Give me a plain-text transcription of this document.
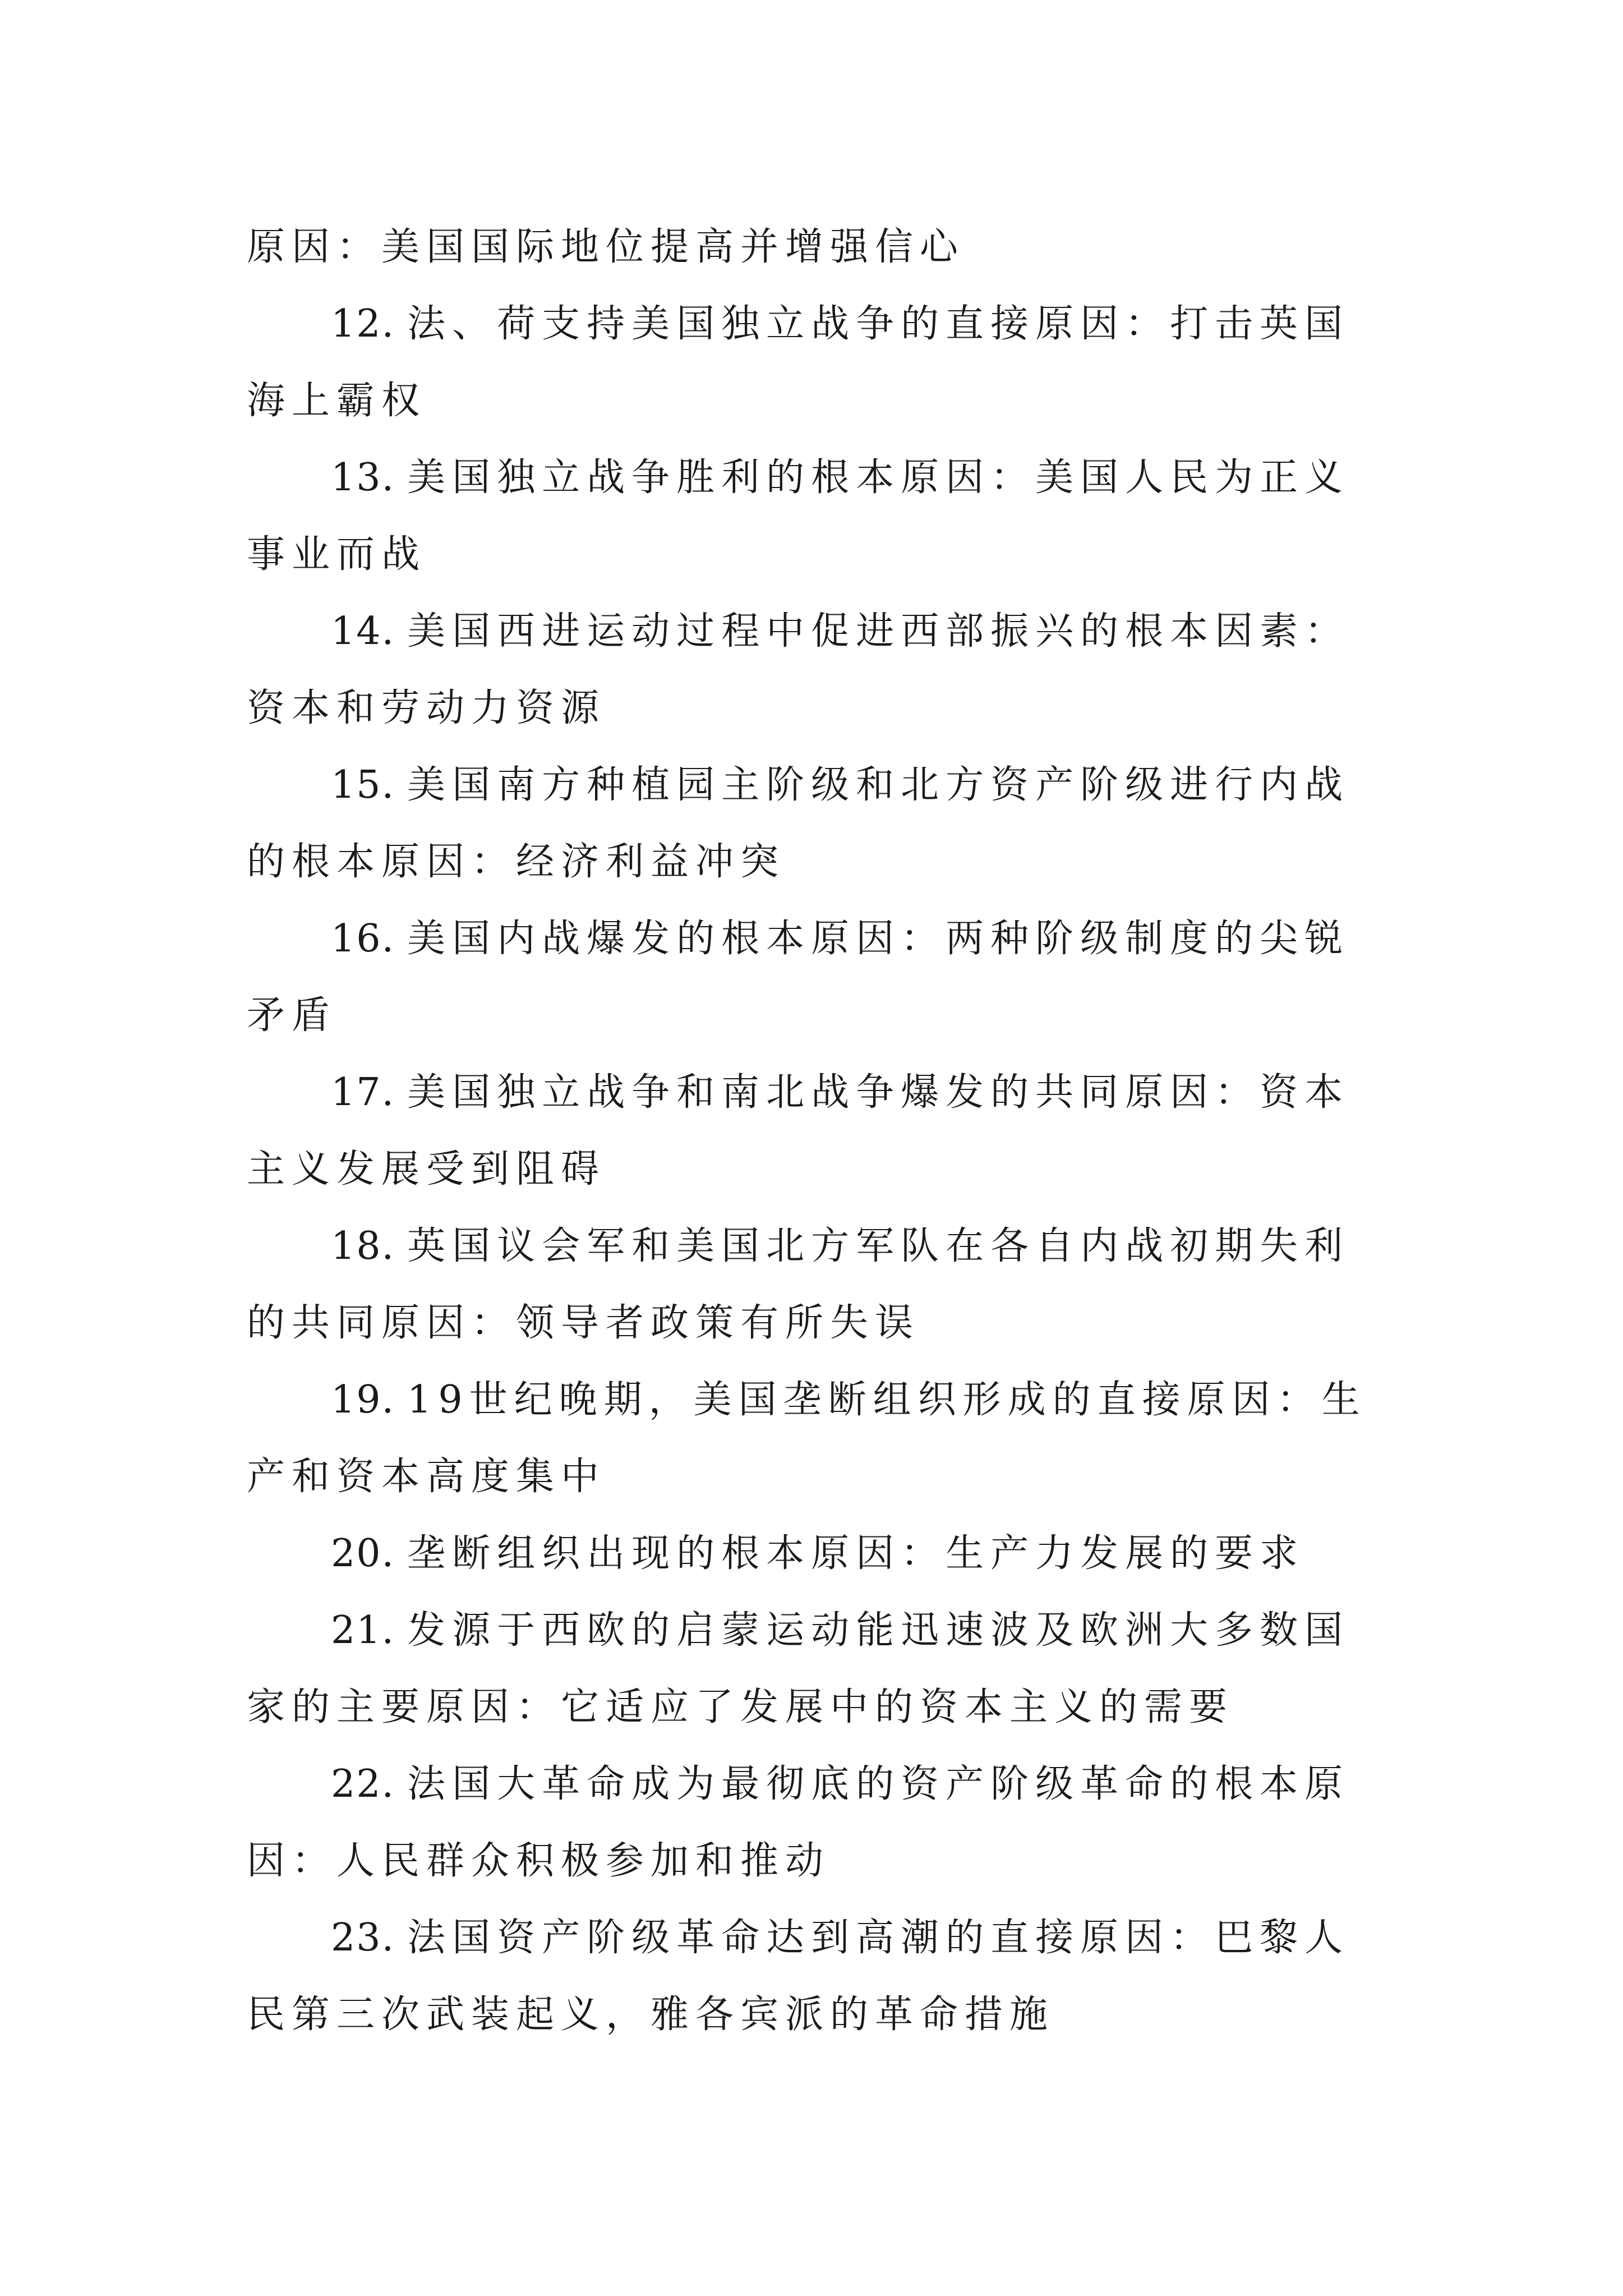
原因：美国国际地位提高并增强信心

12. 法、荷支持美国独立战争的直接原因：打击英国海上霸权

13. 美国独立战争胜利的根本原因：美国人民为正义事业而战

14. 美国西进运动过程中促进西部振兴的根本因素：资本和劳动力资源

15. 美国南方种植园主阶级和北方资产阶级进行内战的根本原因：经济利益冲突

16. 美国内战爆发的根本原因：两种阶级制度的尖锐矛盾

17. 美国独立战争和南北战争爆发的共同原因：资本主义发展受到阻碍

18. 英国议会军和美国北方军队在各自内战初期失利的共同原因：领导者政策有所失误

19. 19世纪晚期，美国垄断组织形成的直接原因：生产和资本高度集中

20. 垄断组织出现的根本原因：生产力发展的要求

21. 发源于西欧的启蒙运动能迅速波及欧洲大多数国家的主要原因：它适应了发展中的资本主义的需要

22. 法国大革命成为最彻底的资产阶级革命的根本原因：人民群众积极参加和推动

23. 法国资产阶级革命达到高潮的直接原因：巴黎人民第三次武装起义，雅各宾派的革命措施
